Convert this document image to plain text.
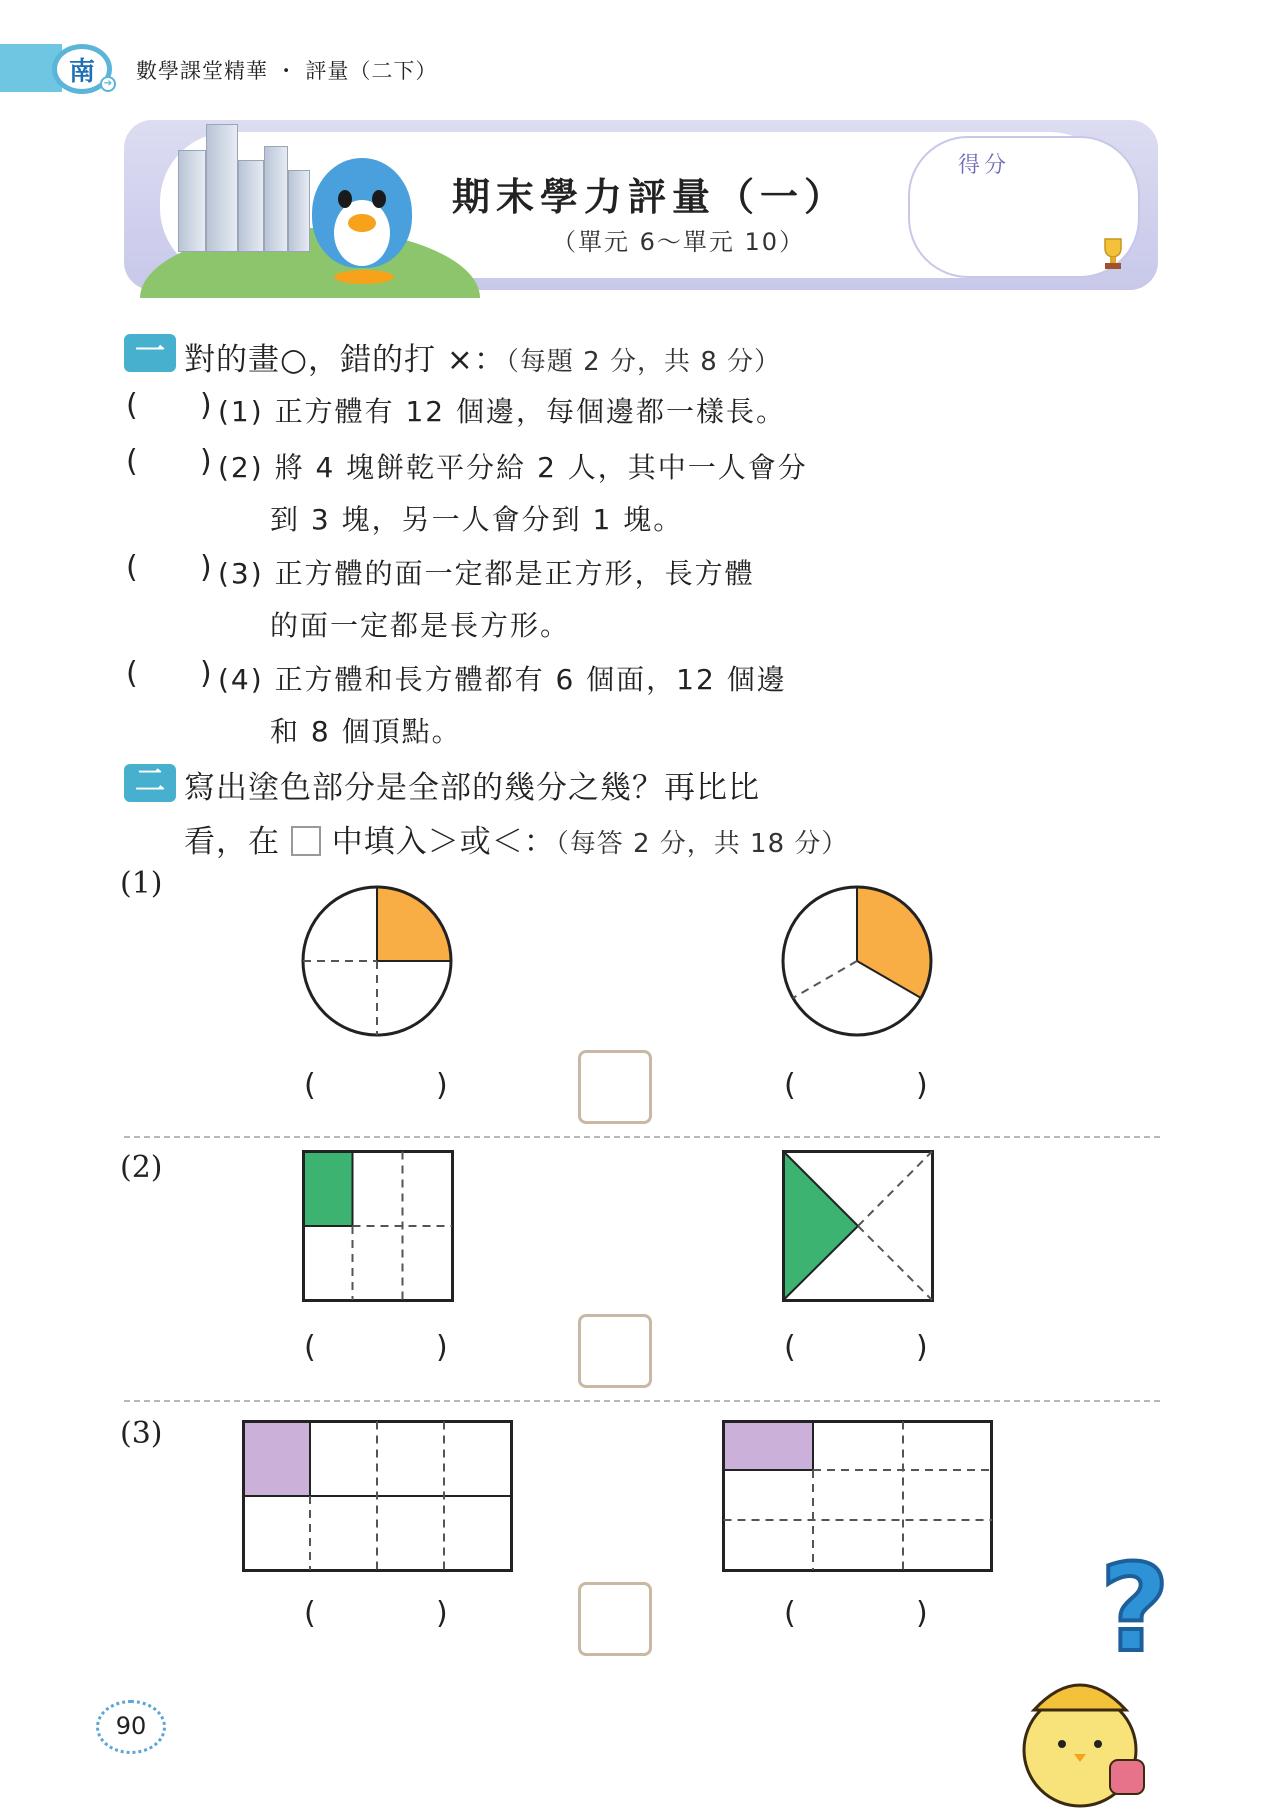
南 ➔
數學課堂精華 ・ 評量（二下）
期末學力評量（一）
（單元 6～單元 10）
得分
一 對的畫○，錯的打 ×：（每題 2 分，共 8 分）
( ) (1) 正方體有 12 個邊，每個邊都一樣長。
( ) (2) 將 4 塊餅乾平分給 2 人，其中一人會分
到 3 塊，另一人會分到 1 塊。
( ) (3) 正方體的面一定都是正方形，長方體
的面一定都是長方形。
( ) (4) 正方體和長方體都有 6 個面，12 個邊
和 8 個頂點。
二 寫出塗色部分是全部的幾分之幾？再比比
看，在 中填入＞或＜：（每答 2 分，共 18 分）
(1)
(	)	(	)
(2)
(	)	(	)
(3)
(	)	(	)
90
?
